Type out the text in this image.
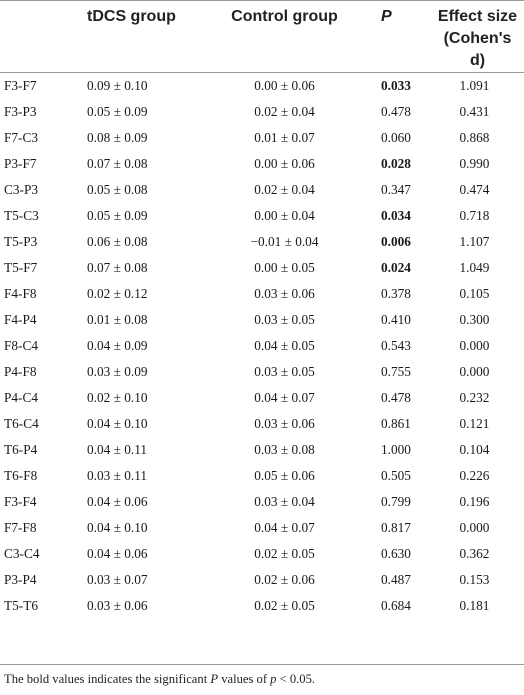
	tDCS group	Control group	P	Effect size
(Cohen's d)

F3-F7	0.09 ± 0.10	0.00 ± 0.06	0.033	1.091
F3-P3	0.05 ± 0.09	0.02 ± 0.04	0.478	0.431
F7-C3	0.08 ± 0.09	0.01 ± 0.07	0.060	0.868
P3-F7	0.07 ± 0.08	0.00 ± 0.06	0.028	0.990
C3-P3	0.05 ± 0.08	0.02 ± 0.04	0.347	0.474
T5-C3	0.05 ± 0.09	0.00 ± 0.04	0.034	0.718
T5-P3	0.06 ± 0.08	−0.01 ± 0.04	0.006	1.107
T5-F7	0.07 ± 0.08	0.00 ± 0.05	0.024	1.049
F4-F8	0.02 ± 0.12	0.03 ± 0.06	0.378	0.105
F4-P4	0.01 ± 0.08	0.03 ± 0.05	0.410	0.300
F8-C4	0.04 ± 0.09	0.04 ± 0.05	0.543	0.000
P4-F8	0.03 ± 0.09	0.03 ± 0.05	0.755	0.000
P4-C4	0.02 ± 0.10	0.04 ± 0.07	0.478	0.232
T6-C4	0.04 ± 0.10	0.03 ± 0.06	0.861	0.121
T6-P4	0.04 ± 0.11	0.03 ± 0.08	1.000	0.104
T6-F8	0.03 ± 0.11	0.05 ± 0.06	0.505	0.226
F3-F4	0.04 ± 0.06	0.03 ± 0.04	0.799	0.196
F7-F8	0.04 ± 0.10	0.04 ± 0.07	0.817	0.000
C3-C4	0.04 ± 0.06	0.02 ± 0.05	0.630	0.362
P3-P4	0.03 ± 0.07	0.02 ± 0.06	0.487	0.153
T5-T6	0.03 ± 0.06	0.02 ± 0.05	0.684	0.181
The bold values indicates the significant P values of p < 0.05.
